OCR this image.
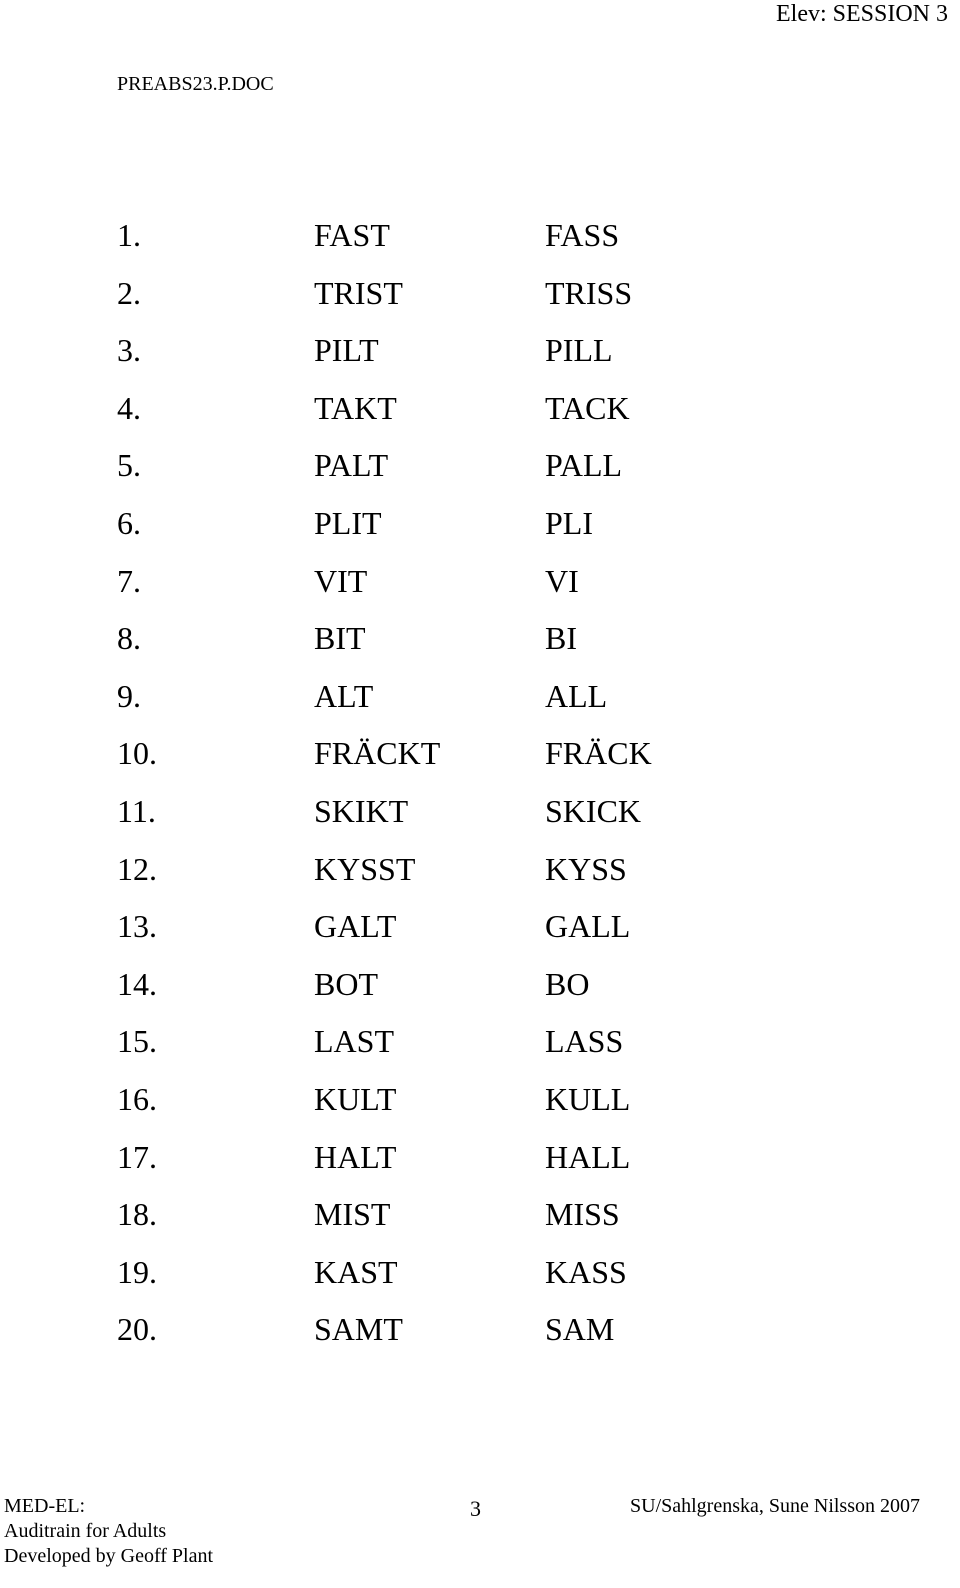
Elev: SESSION 3
PREABS23.P.DOC
1.	FAST	FASS
2.	TRIST	TRISS
3.	PILT	PILL
4.	TAKT	TACK
5.	PALT	PALL
6.	PLIT	PLI
7.	VIT	VI
8.	BIT	BI
9.	ALT	ALL
10.	FRÄCKT	FRÄCK
11.	SKIKT	SKICK
12.	KYSST	KYSS
13.	GALT	GALL
14.	BOT	BO
15.	LAST	LASS
16.	KULT	KULL
17.	HALT	HALL
18.	MIST	MISS
19.	KAST	KASS
20.	SAMT	SAM
MED-EL:
Auditrain for Adults
Developed by Geoff Plant
3	SU/Sahlgrenska, Sune Nilsson 2007
